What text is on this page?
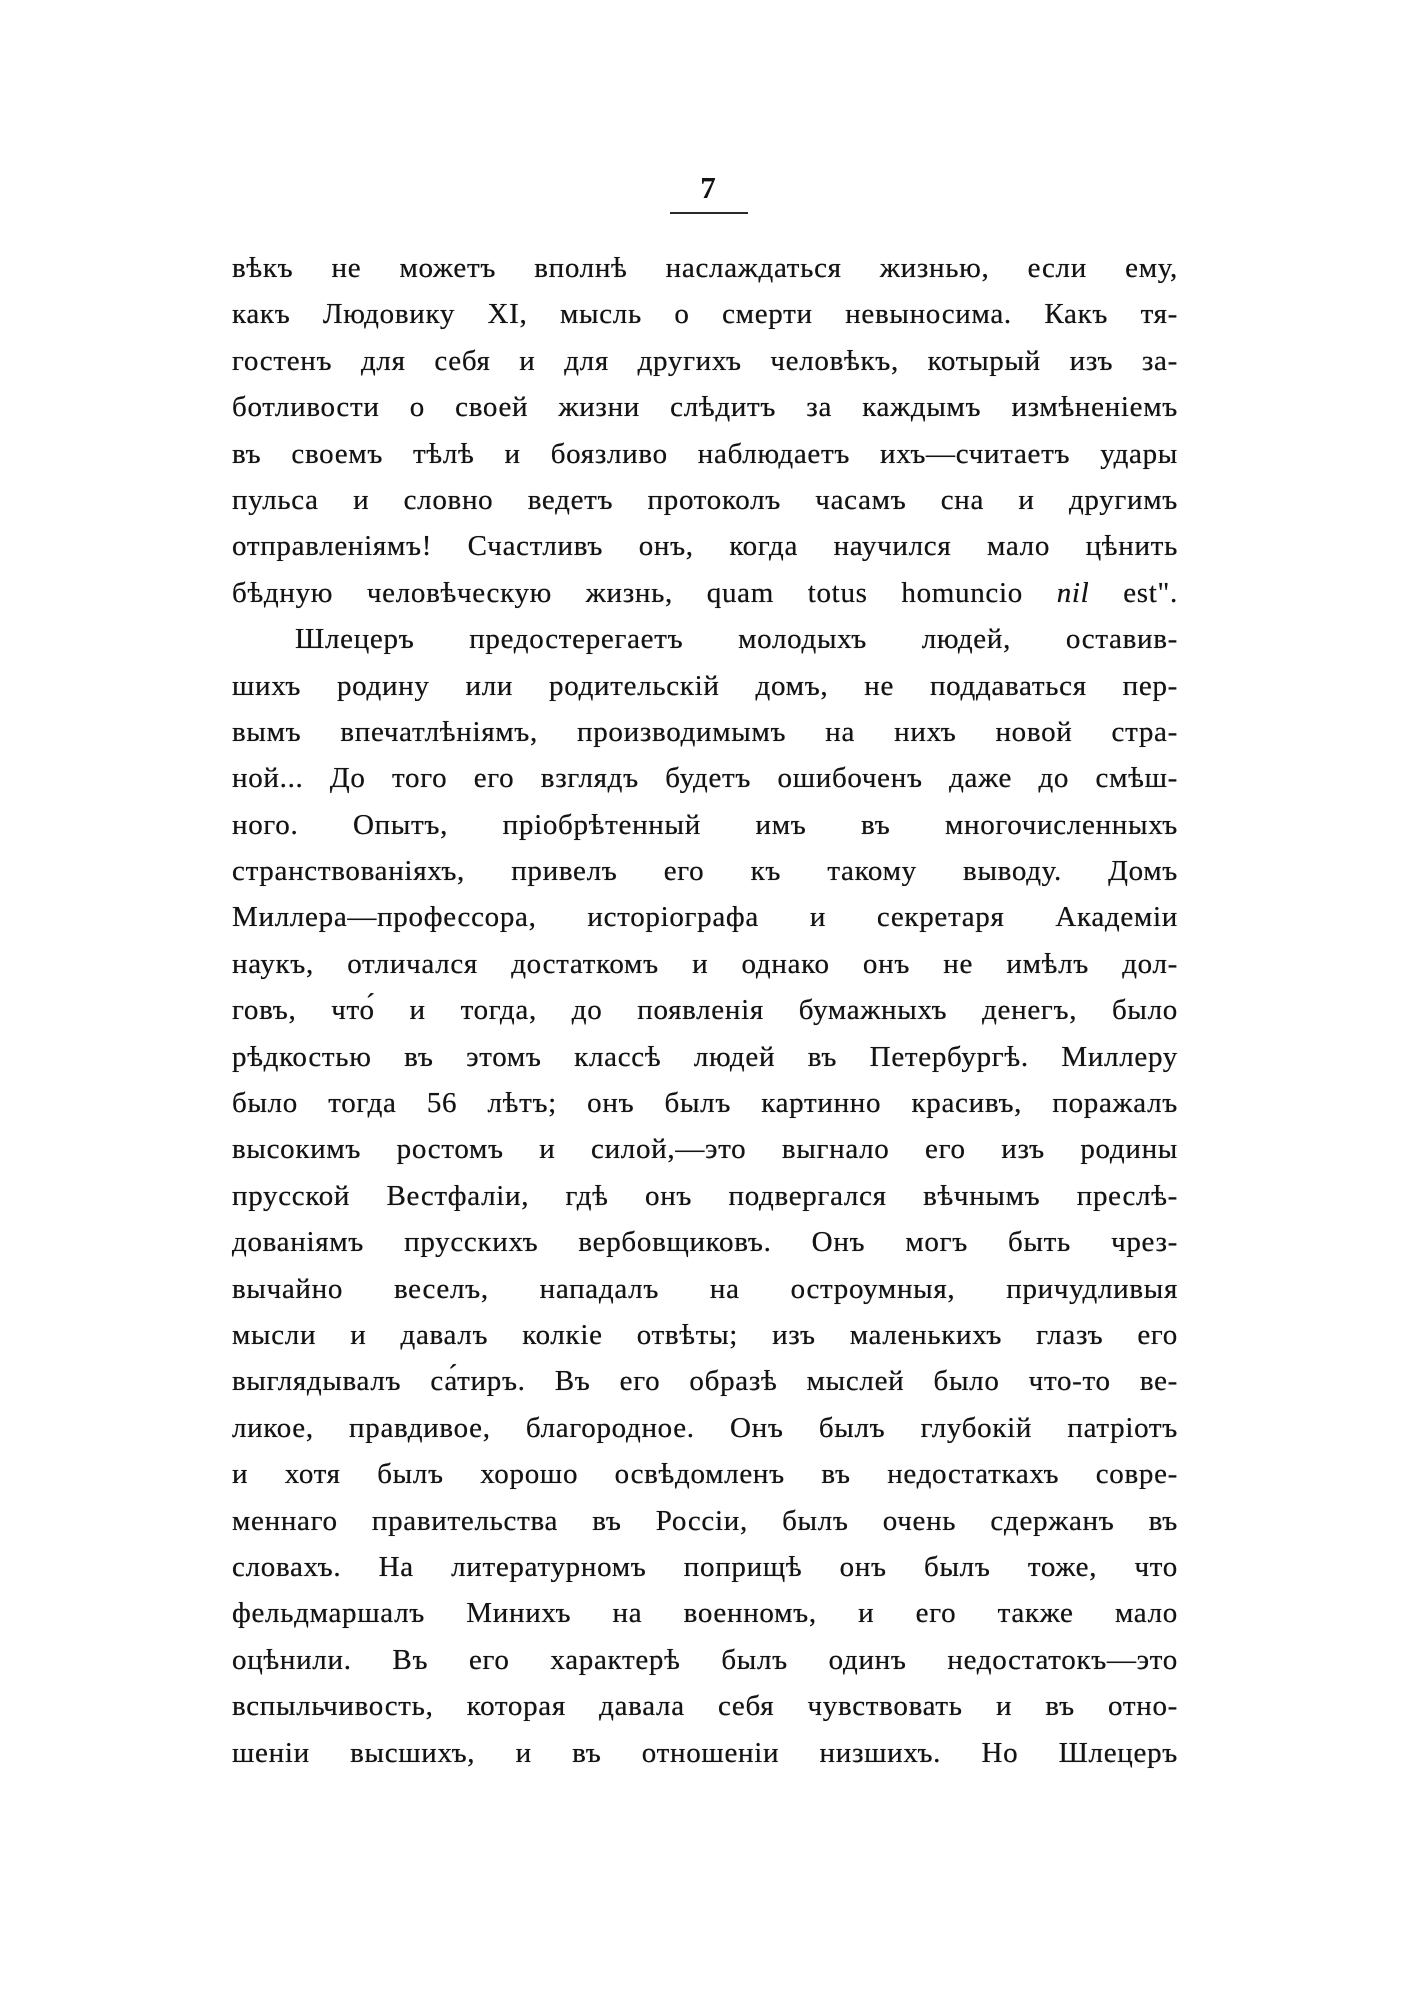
7
вѣкъ не можетъ вполнѣ наслаждаться жизнью, если ему,
какъ Людовику XI, мысль о смерти невыносима. Какъ тя-
гостенъ для себя и для другихъ человѣкъ, котырый изъ за-
ботливости о своей жизни слѣдитъ за каждымъ измѣненіемъ
въ своемъ тѣлѣ и боязливо наблюдаетъ ихъ—считаетъ удары
пульса и словно ведетъ протоколъ часамъ сна и другимъ
отправленіямъ! Счастливъ онъ, когда научился мало цѣнить
бѣдную человѣческую жизнь, quam totus homuncio nil est".
Шлецеръ предостерегаетъ молодыхъ людей, оставив-
шихъ родину или родительскій домъ, не поддаваться пер-
вымъ впечатлѣніямъ, производимымъ на нихъ новой стра-
ной... До того его взглядъ будетъ ошибоченъ даже до смѣш-
ного. Опытъ, пріобрѣтенный имъ въ многочисленныхъ
странствованіяхъ, привелъ его къ такому выводу. Домъ
Миллера—профессора, исторіографа и секретаря Академіи
наукъ, отличался достаткомъ и однако онъ не имѣлъ дол-
говъ, что́ и тогда, до появленія бумажныхъ денегъ, было
рѣдкостью въ этомъ классѣ людей въ Петербургѣ. Миллеру
было тогда 56 лѣтъ; онъ былъ картинно красивъ, поражалъ
высокимъ ростомъ и силой,—это выгнало его изъ родины
прусской Вестфаліи, гдѣ онъ подвергался вѣчнымъ преслѣ-
дованіямъ прусскихъ вербовщиковъ. Онъ могъ быть чрез-
вычайно веселъ, нападалъ на остроумныя, причудливыя
мысли и давалъ колкіе отвѣты; изъ маленькихъ глазъ его
выглядывалъ са́тиръ. Въ его образѣ мыслей было что-то ве-
ликое, правдивое, благородное. Онъ былъ глубокій патріотъ
и хотя былъ хорошо освѣдомленъ въ недостаткахъ совре-
меннаго правительства въ Россіи, былъ очень сдержанъ въ
словахъ. На литературномъ поприщѣ онъ былъ тоже, что
фельдмаршалъ Минихъ на военномъ, и его также мало
оцѣнили. Въ его характерѣ былъ одинъ недостатокъ—это
вспыльчивость, которая давала себя чувствовать и въ отно-
шеніи высшихъ, и въ отношеніи низшихъ. Но Шлецеръ
